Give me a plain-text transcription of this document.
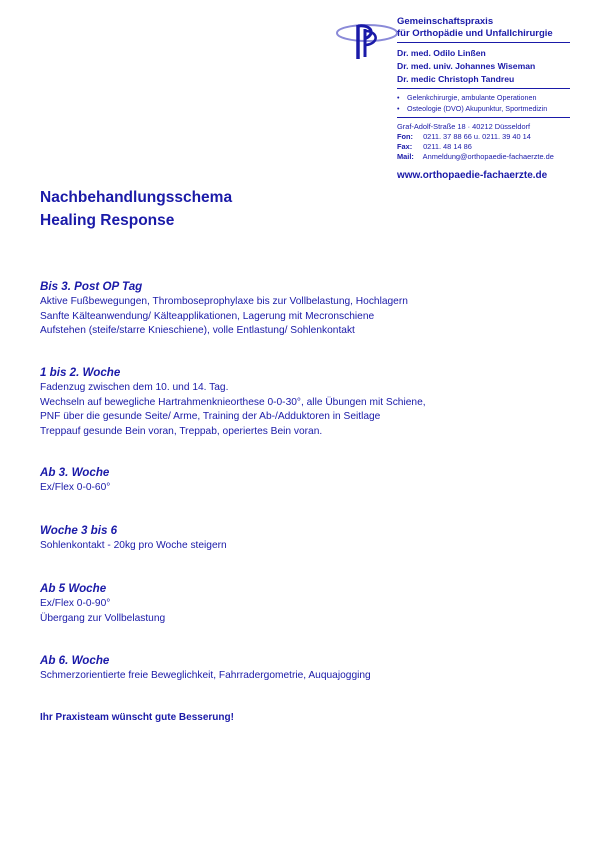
Gemeinschaftspraxis
für Orthopädie und Unfallchirurgie
Dr. med. Odilo Linßen
Dr. med. univ. Johannes Wiseman
Dr. medic Christoph Tandreu
• Gelenkchirurgie, ambulante Operationen
• Osteologie (DVO) Akupunktur, Sportmedizin
Graf-Adolf-Straße 18 · 40212 Düsseldorf
Fon: 0211. 37 88 66 u. 0211. 39 40 14
Fax: 0211. 48 14 86
Mail: Anmeldung@orthopaedie-fachaerzte.de
www.orthopaedie-fachaerzte.de
Nachbehandlungsschema
Healing Response
Bis 3. Post OP Tag
Aktive Fußbewegungen, Thromboseprophylaxe bis zur Vollbelastung, Hochlagern
Sanfte Kälteanwendung/ Kälteapplikationen, Lagerung mit Mecronschiene
Aufstehen (steife/starre Knieschiene), volle Entlastung/ Sohlenkontakt
1 bis 2. Woche
Fadenzug zwischen dem 10. und 14. Tag.
Wechseln auf bewegliche Hartrahmenknieorthese 0-0-30°, alle Übungen mit Schiene,
PNF über die gesunde Seite/ Arme, Training der Ab-/Adduktoren in Seitlage
Treppauf gesunde Bein voran, Treppab, operiertes Bein voran.
Ab 3. Woche
Ex/Flex 0-0-60°
Woche 3 bis 6
Sohlenkontakt - 20kg pro Woche steigern
Ab 5 Woche
Ex/Flex 0-0-90°
Übergang zur Vollbelastung
Ab 6. Woche
Schmerzorientierte freie Beweglichkeit, Fahrradergometrie, Auquajogging
Ihr Praxisteam wünscht gute Besserung!
